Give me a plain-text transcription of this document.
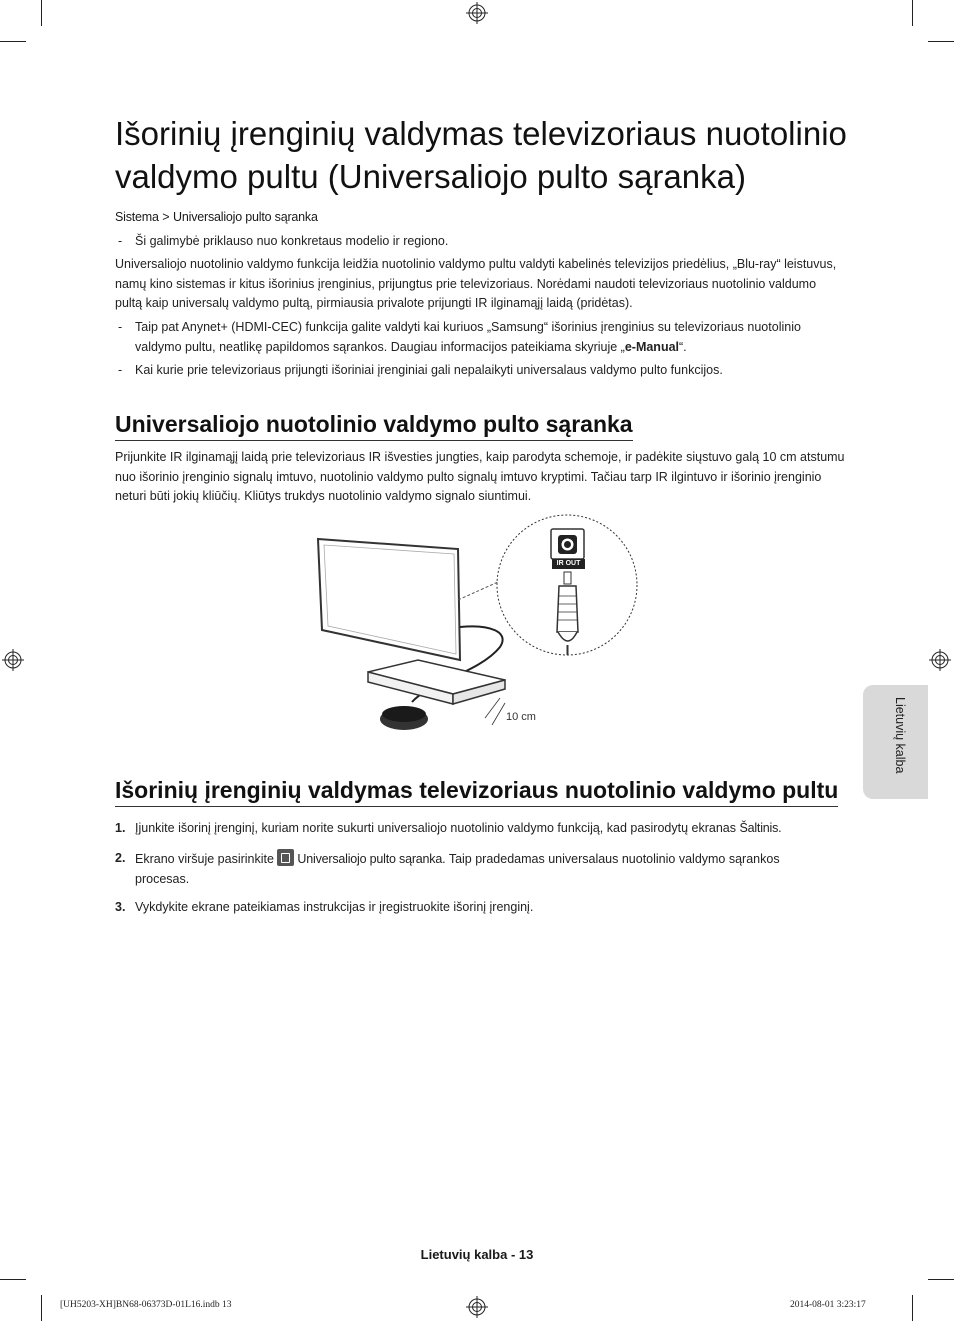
Išorinių įrenginių valdymas televizoriaus nuotolinio valdymo pultu (Universaliojo pulto sąranka)
Sistema > Universaliojo pulto sąranka
- Ši galimybė priklauso nuo konkretaus modelio ir regiono.

Universaliojo nuotolinio valdymo funkcija leidžia nuotolinio valdymo pultu valdyti kabelinės televizijos priedėlius, „Blu-ray“ leistuvus, namų kino sistemas ir kitus išorinius įrenginius, prijungtus prie televizoriaus. Norėdami naudoti televizoriaus nuotolinio valdumo pultą kaip universalų valdymo pultą, pirmiausia privalote prijungti IR ilginamąjį laidą (pridėtas).

- Taip pat Anynet+ (HDMI-CEC) funkcija galite valdyti kai kuriuos „Samsung“ išorinius įrenginius su televizoriaus nuotolinio valdymo pultu, neatlikę papildomos sąrankos. Daugiau informacijos pateikiama skyriuje „e-Manual“.
- Kai kurie prie televizoriaus prijungti išoriniai įrenginiai gali nepalaikyti universalaus valdymo pulto funkcijos.
Universaliojo nuotolinio valdymo pulto sąranka

Prijunkite IR ilginamąjį laidą prie televizoriaus IR išvesties jungties, kaip parodyta schemoje, ir padėkite siųstuvo galą 10 cm atstumu nuo išorinio įrenginio signalų imtuvo, nuotolinio valdymo pulto signalų imtuvo kryptimi. Tačiau tarp IR ilgintuvo ir išorinio įrenginio neturi būti jokių kliūčių. Kliūtys trukdys nuotolinio valdymo signalo siuntimui.

IR OUT
10 cm
Išorinių įrenginių valdymas televizoriaus nuotolinio valdymo pultu
1. Įjunkite išorinį įrenginį, kuriam norite sukurti universaliojo nuotolinio valdymo funkciją, kad pasirodytų ekranas Šaltinis.
2. Ekrano viršuje pasirinkite Universaliojo pulto sąranka. Taip pradedamas universalaus nuotolinio valdymo sąrankos procesas.
3. Vykdykite ekrane pateikiamas instrukcijas ir įregistruokite išorinį įrenginį.
Lietuvių kalba
Lietuvių kalba - 13
[UH5203-XH]BN68-06373D-01L16.indb 13	2014-08-01 3:23:17
